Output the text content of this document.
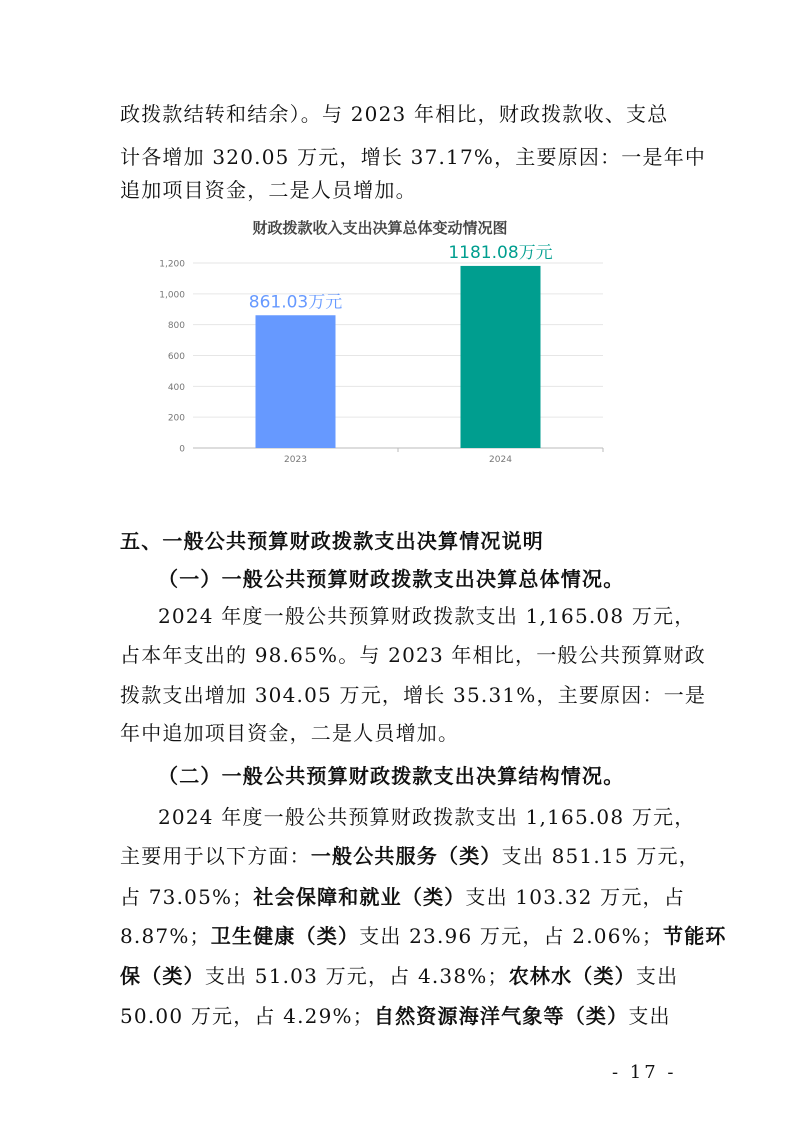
政拨款结转和结余）。与 2023 年相比，财政拨款收、支总
计各增加 320.05 万元，增长 37.17%，主要原因：一是年中
追加项目资金，二是人员增加。
财政拨款收入支出决算总体变动情况图
0
200
400
600
800
1,000
1,200
2023	2024
861.03万元
1181.08万元
五、一般公共预算财政拨款支出决算情况说明
（一）一般公共预算财政拨款支出决算总体情况。
2024 年度一般公共预算财政拨款支出 1,165.08 万元，
占本年支出的 98.65%。与 2023 年相比，一般公共预算财政
拨款支出增加 304.05 万元，增长 35.31%，主要原因：一是
年中追加项目资金，二是人员增加。
（二）一般公共预算财政拨款支出决算结构情况。
2024 年度一般公共预算财政拨款支出 1,165.08 万元，
主要用于以下方面：一般公共服务（类）支出 851.15 万元，
占 73.05%；社会保障和就业（类）支出 103.32 万元，占
8.87%；卫生健康（类）支出 23.96 万元，占 2.06%；节能环
保（类）支出 51.03 万元，占 4.38%；农林水（类）支出
50.00 万元，占 4.29%；自然资源海洋气象等（类）支出
- 17 -
